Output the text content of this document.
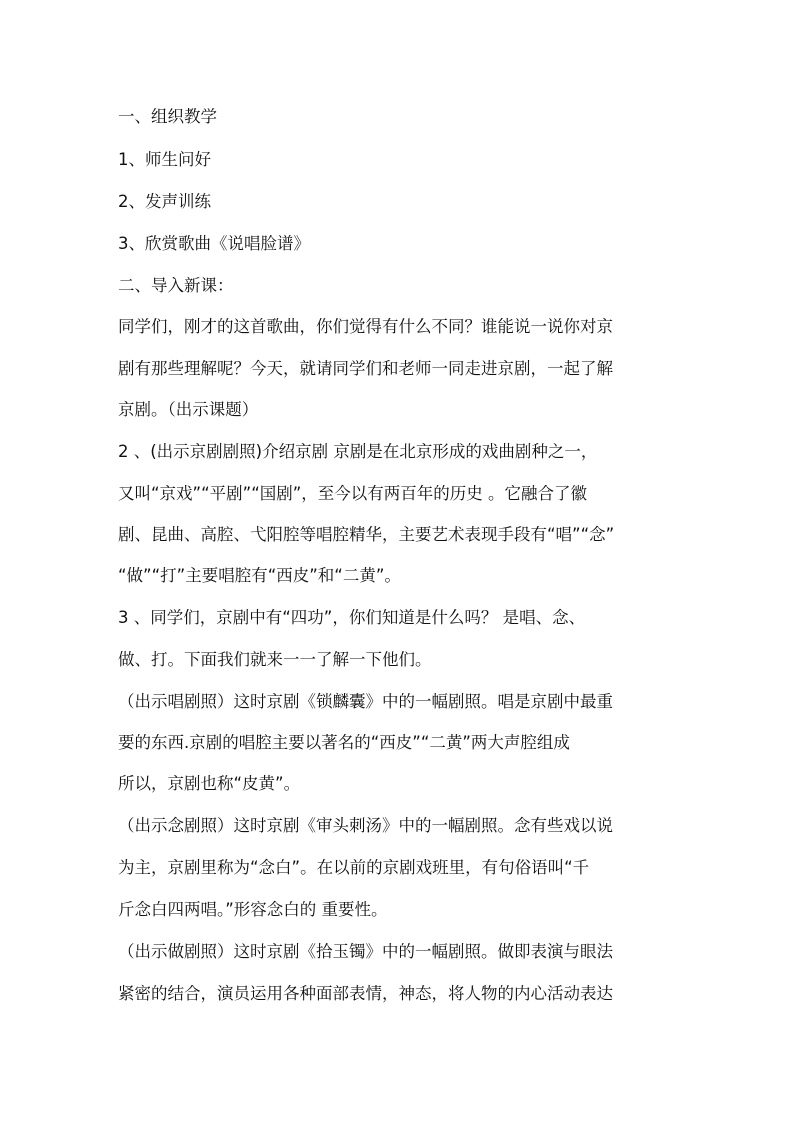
一、组织教学
1、师生问好
2、发声训练
3、欣赏歌曲《说唱脸谱》
二、导入新课：
同学们，刚才的这首歌曲，你们觉得有什么不同？谁能说一说你对京
剧有那些理解呢？今天，就请同学们和老师一同走进京剧，一起了解
京剧。（出示课题）
2 、(出示京剧剧照)介绍京剧 京剧是在北京形成的戏曲剧种之一，
又叫“京戏”“平剧”“国剧”，至今以有两百年的历史 。它融合了徽
剧、昆曲、高腔、弋阳腔等唱腔精华，主要艺术表现手段有“唱”“念”
“做”“打”主要唱腔有“西皮”和“二黄”。
3 、同学们，京剧中有“四功”，你们知道是什么吗？ 是唱、念、
做、打。下面我们就来一一了解一下他们。
（出示唱剧照）这时京剧《锁麟囊》中的一幅剧照。唱是京剧中最重
要的东西.京剧的唱腔主要以著名的“西皮”“二黄”两大声腔组成
所以，京剧也称“皮黄”。
（出示念剧照）这时京剧《审头刺汤》中的一幅剧照。念有些戏以说
为主，京剧里称为“念白”。在以前的京剧戏班里，有句俗语叫“千
斤念白四两唱。”形容念白的 重要性。
（出示做剧照）这时京剧《拾玉镯》中的一幅剧照。做即表演与眼法
紧密的结合，演员运用各种面部表情，神态，将人物的内心活动表达
